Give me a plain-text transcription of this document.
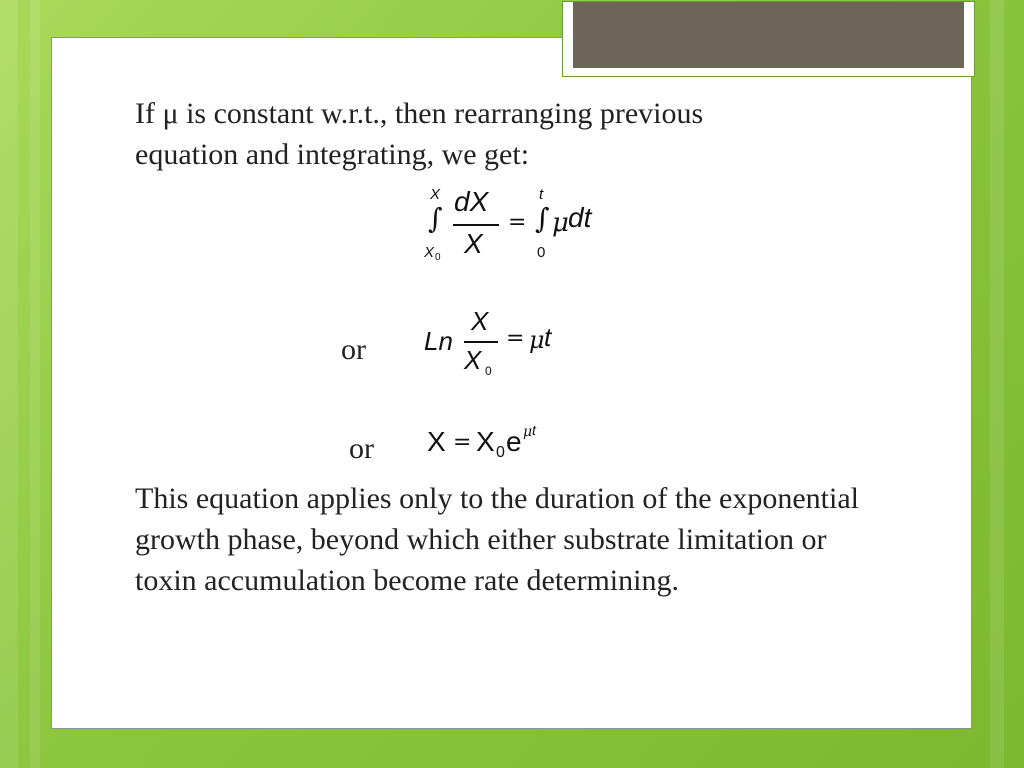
If μ is constant w.r.t., then rearranging previous equation and integrating, we get:
X
∫
X 0
dX
X
=
t
∫
0
μ dt
or Ln
X
X 0
= μ t
or X = X 0 e μ t
This equation applies only to the duration of the exponential growth phase, beyond which either substrate limitation or toxin accumulation become rate determining.
